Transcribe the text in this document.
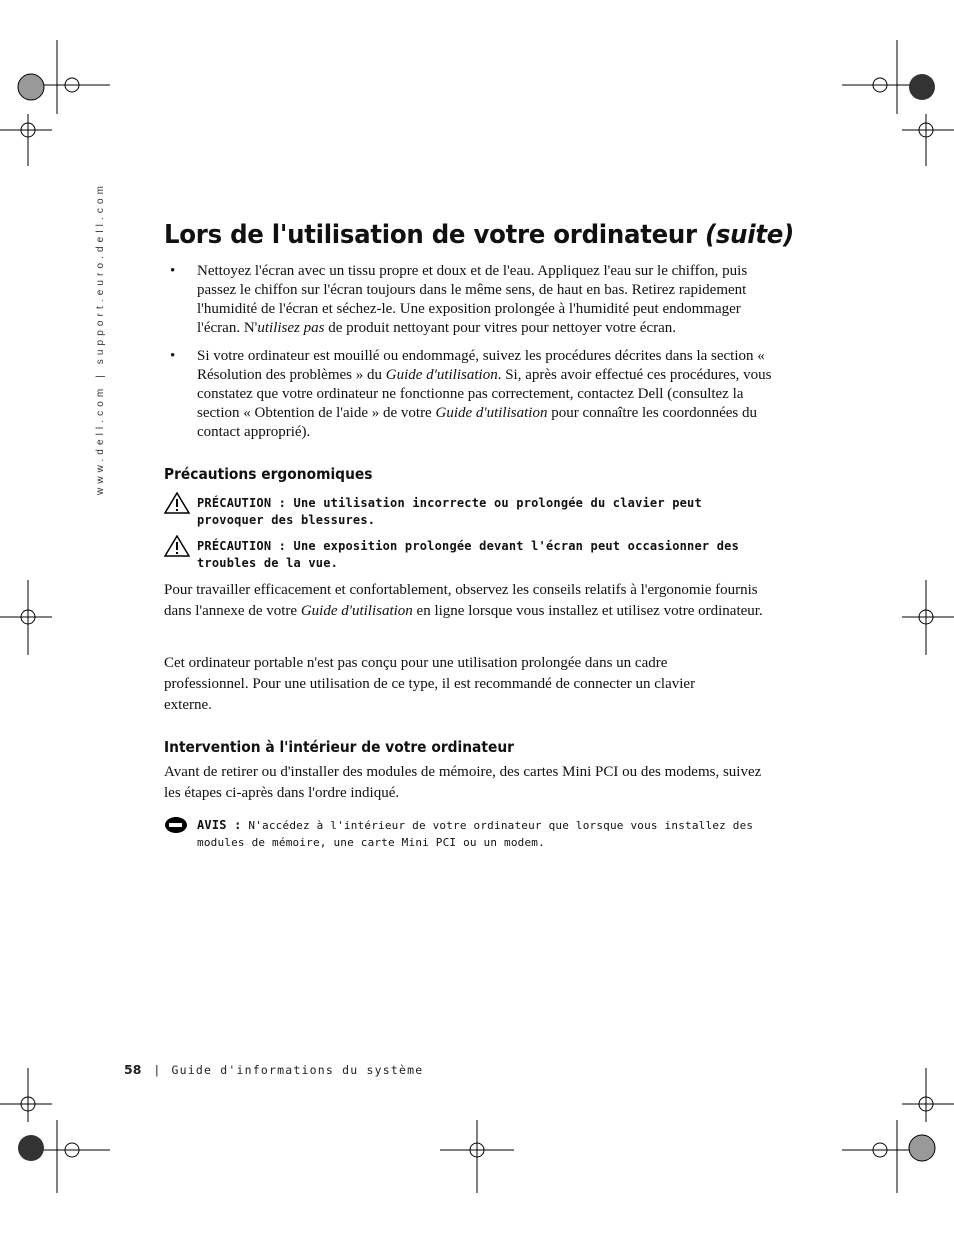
www.dell.com | support.euro.dell.com Lors de l'utilisation de votre ordinateur (suite)
• Nettoyez l'écran avec un tissu propre et doux et de l'eau. Appliquez l'eau sur le chiffon, puis passez le chiffon sur l'écran toujours dans le même sens, de haut en bas. Retirez rapidement l'humidité de l'écran et séchez-le. Une exposition prolongée à l'humidité peut endommager l'écran. N'utilisez pas de produit nettoyant pour vitres pour nettoyer votre écran.
• Si votre ordinateur est mouillé ou endommagé, suivez les procédures décrites dans la section « Résolution des problèmes » du Guide d'utilisation. Si, après avoir effectué ces procédures, vous constatez que votre ordinateur ne fonctionne pas correctement, contactez Dell (consultez la section « Obtention de l'aide » de votre Guide d'utilisation pour connaître les coordonnées du contact approprié).
Précautions ergonomiques
PRÉCAUTION : Une utilisation incorrecte ou prolongée du clavier peut provoquer des blessures.
PRÉCAUTION : Une exposition prolongée devant l'écran peut occasionner des troubles de la vue.

Pour travailler efficacement et confortablement, observez les conseils relatifs à l'ergonomie fournis dans l'annexe de votre Guide d'utilisation en ligne lorsque vous installez et utilisez votre ordinateur.

Cet ordinateur portable n'est pas conçu pour une utilisation prolongée dans un cadre professionnel. Pour une utilisation de ce type, il est recommandé de connecter un clavier externe.

Intervention à l'intérieur de votre ordinateur

Avant de retirer ou d'installer des modules de mémoire, des cartes Mini PCI ou des modems, suivez les étapes ci-après dans l'ordre indiqué.

AVIS : N'accédez à l'intérieur de votre ordinateur que lorsque vous installez des modules de mémoire, une carte Mini PCI ou un modem.
58 | Guide d'informations du système
